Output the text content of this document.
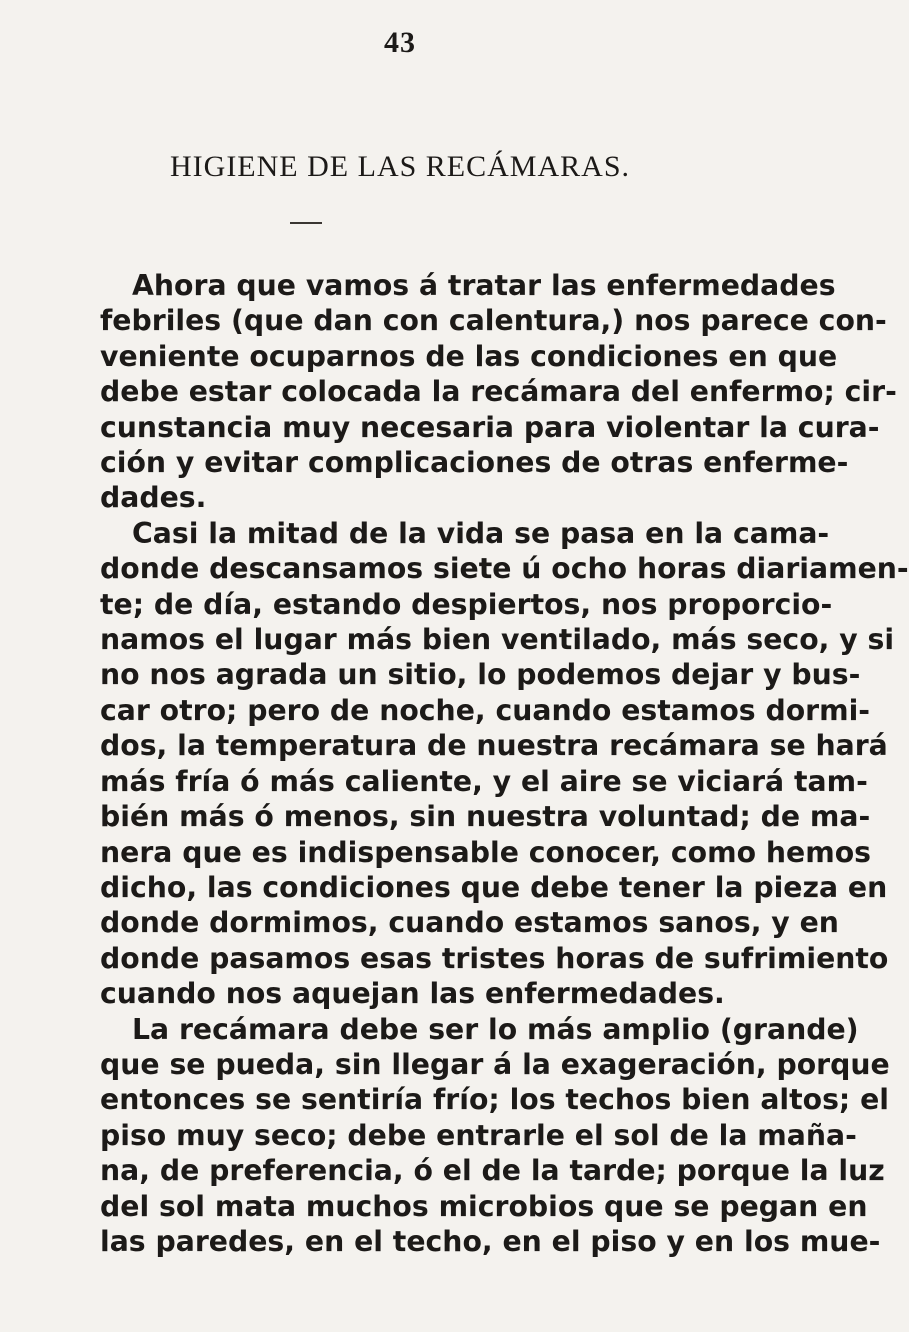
43
HIGIENE DE LAS RECÁMARAS.
Ahora que vamos á tratar las enfermedades
febriles (que dan con calentura,) nos parece con-
veniente ocuparnos de las condiciones en que
debe estar colocada la recámara del enfermo; cir-
cunstancia muy necesaria para violentar la cura-
ción y evitar complicaciones de otras enferme-
dades.
Casi la mitad de la vida se pasa en la cama-
donde descansamos siete ú ocho horas diariamen-
te; de día, estando despiertos, nos proporcio-
namos el lugar más bien ventilado, más seco, y si
no nos agrada un sitio, lo podemos dejar y bus-
car otro; pero de noche, cuando estamos dormi-
dos, la temperatura de nuestra recámara se hará
más fría ó más caliente, y el aire se viciará tam-
bién más ó menos, sin nuestra voluntad; de ma-
nera que es indispensable conocer, como hemos
dicho, las condiciones que debe tener la pieza en
donde dormimos, cuando estamos sanos, y en
donde pasamos esas tristes horas de sufrimiento
cuando nos aquejan las enfermedades.
La recámara debe ser lo más amplio (grande)
que se pueda, sin llegar á la exageración, porque
entonces se sentiría frío; los techos bien altos; el
piso muy seco; debe entrarle el sol de la maña-
na, de preferencia, ó el de la tarde; porque la luz
del sol mata muchos microbios que se pegan en
las paredes, en el techo, en el piso y en los mue-
